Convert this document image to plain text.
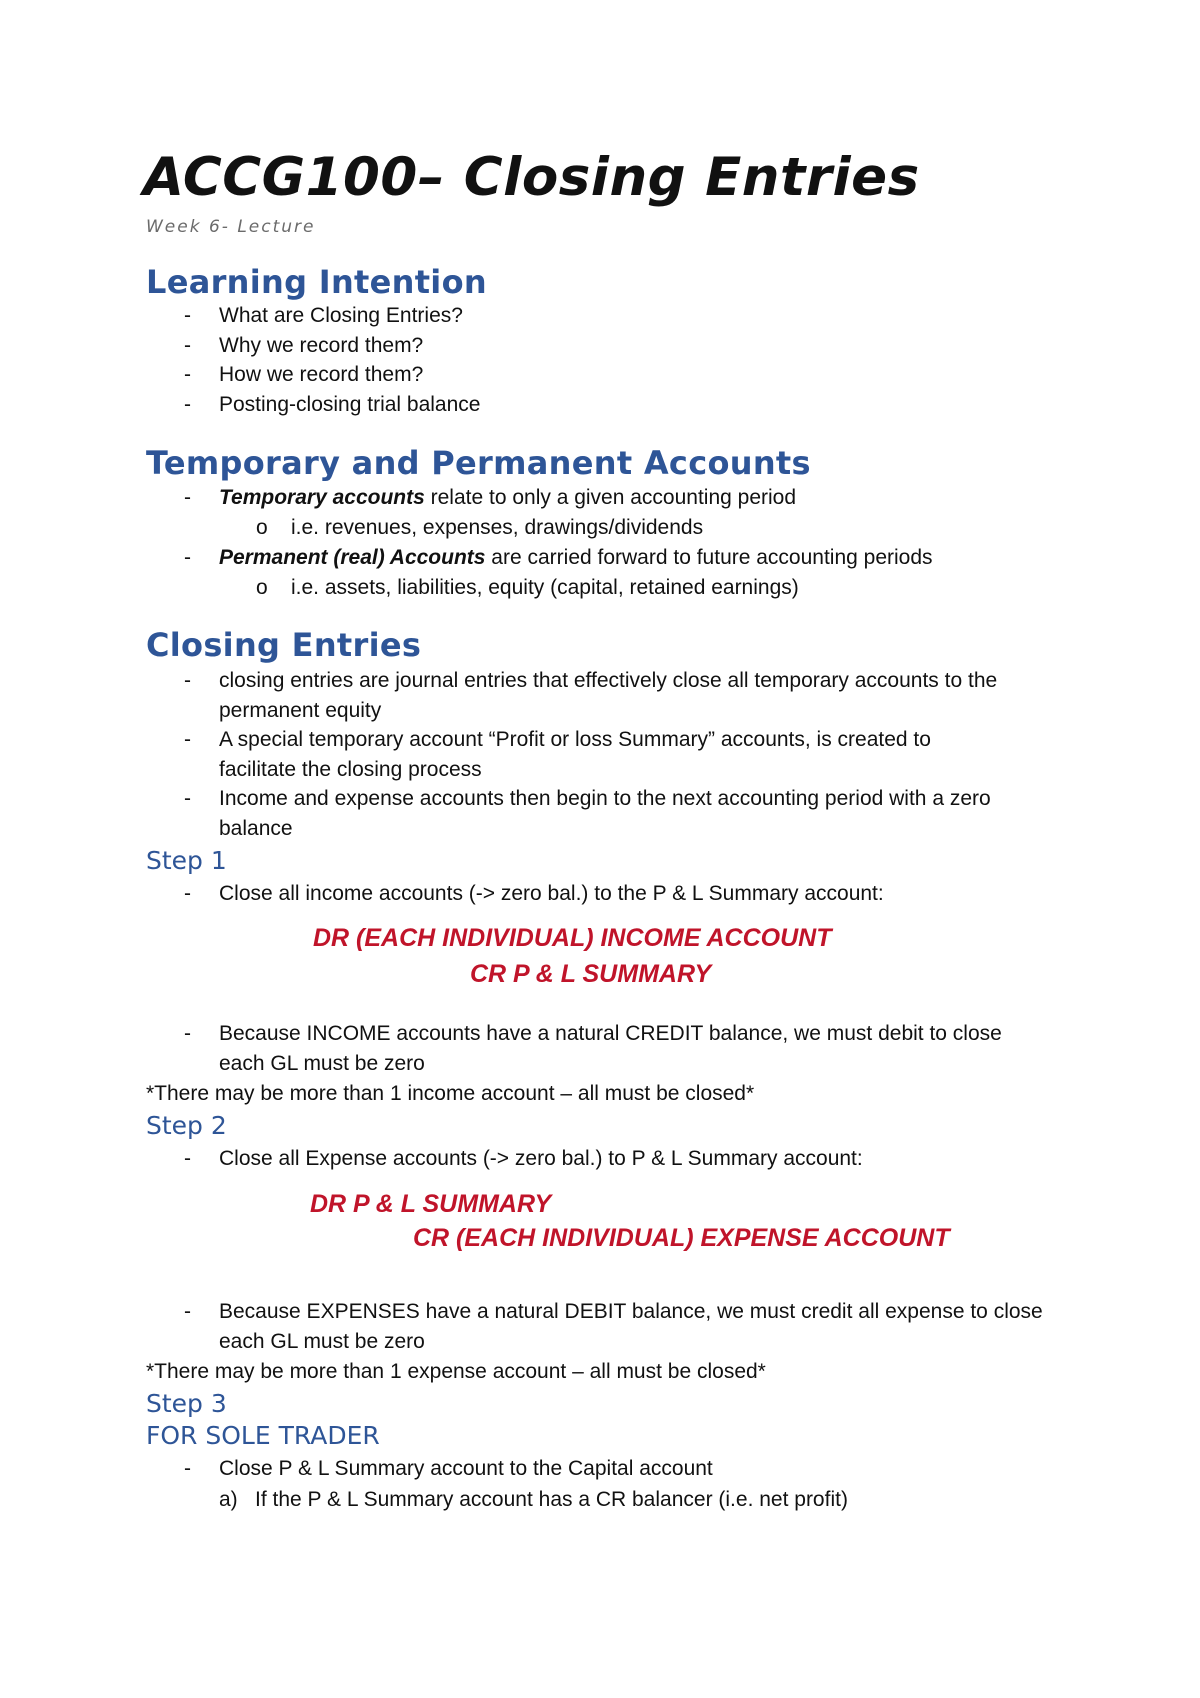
ACCG100– Closing Entries
Week 6- Lecture
Learning Intention
- What are Closing Entries?
- Why we record them?
- How we record them?
- Posting-closing trial balance
Temporary and Permanent Accounts
- Temporary accounts relate to only a given accounting period
o i.e. revenues, expenses, drawings/dividends
- Permanent (real) Accounts are carried forward to future accounting periods
o i.e. assets, liabilities, equity (capital, retained earnings)
Closing Entries
- closing entries are journal entries that effectively close all temporary accounts to the
permanent equity
- A special temporary account “Profit or loss Summary” accounts, is created to
facilitate the closing process
- Income and expense accounts then begin to the next accounting period with a zero
balance
Step 1
- Close all income accounts (-> zero bal.) to the P & L Summary account:
DR (EACH INDIVIDUAL) INCOME ACCOUNT
CR P & L SUMMARY
- Because INCOME accounts have a natural CREDIT balance, we must debit to close
each GL must be zero
*There may be more than 1 income account – all must be closed*
Step 2
- Close all Expense accounts (-> zero bal.) to P & L Summary account:
DR P & L SUMMARY
CR (EACH INDIVIDUAL) EXPENSE ACCOUNT
- Because EXPENSES have a natural DEBIT balance, we must credit all expense to close
each GL must be zero
*There may be more than 1 expense account – all must be closed*
Step 3
FOR SOLE TRADER
- Close P & L Summary account to the Capital account
a) If the P & L Summary account has a CR balancer (i.e. net profit)
